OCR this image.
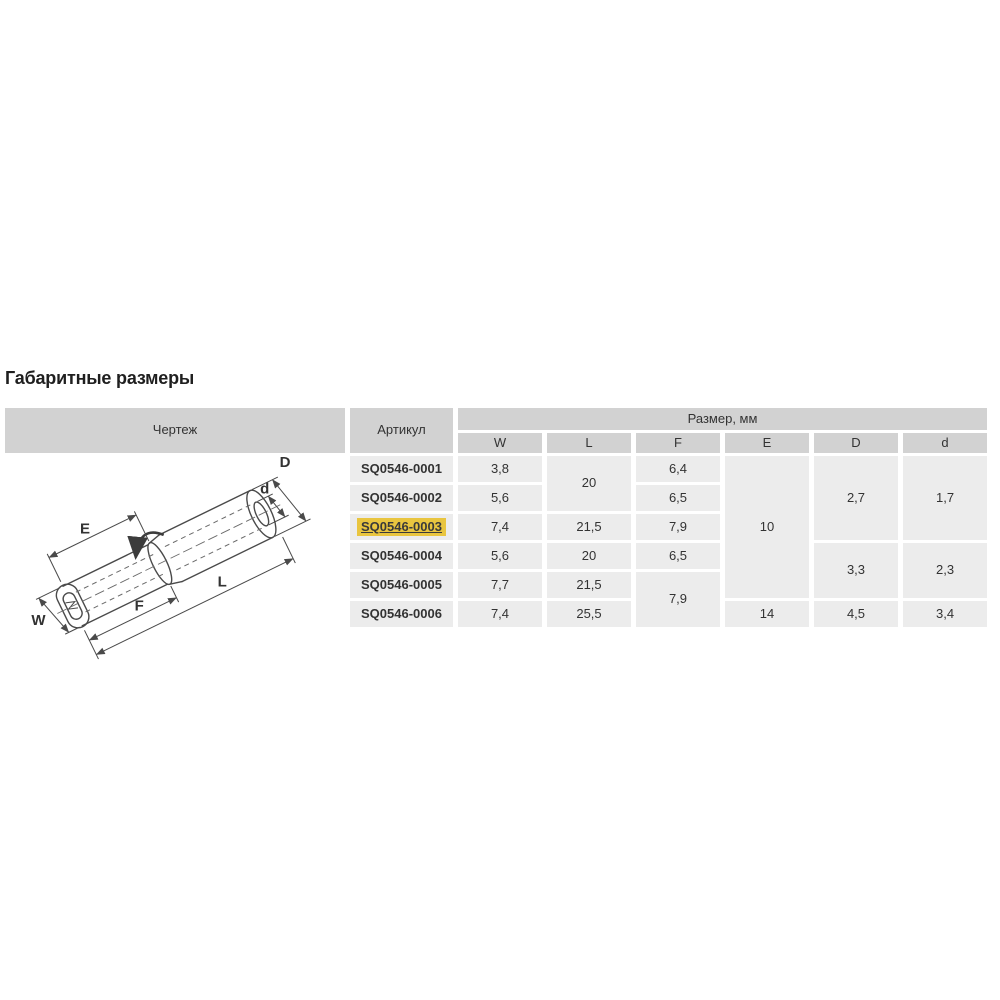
Габаритные размеры
Чертеж	Артикул	Размер, мм					
		W	L	F	E	D	d

E
D
d
W
F
L
	SQ0546-0001	3,8	20	6,4	10	2,7	1,7
	SQ0546-0002	5,6		6,5			
	SQ0546-0003	7,4	21,5	7,9			
	SQ0546-0004	5,6	20	6,5		3,3	2,3
	SQ0546-0005	7,7	21,5	7,9			
	SQ0546-0006	7,4	25,5		14	4,5	3,4
